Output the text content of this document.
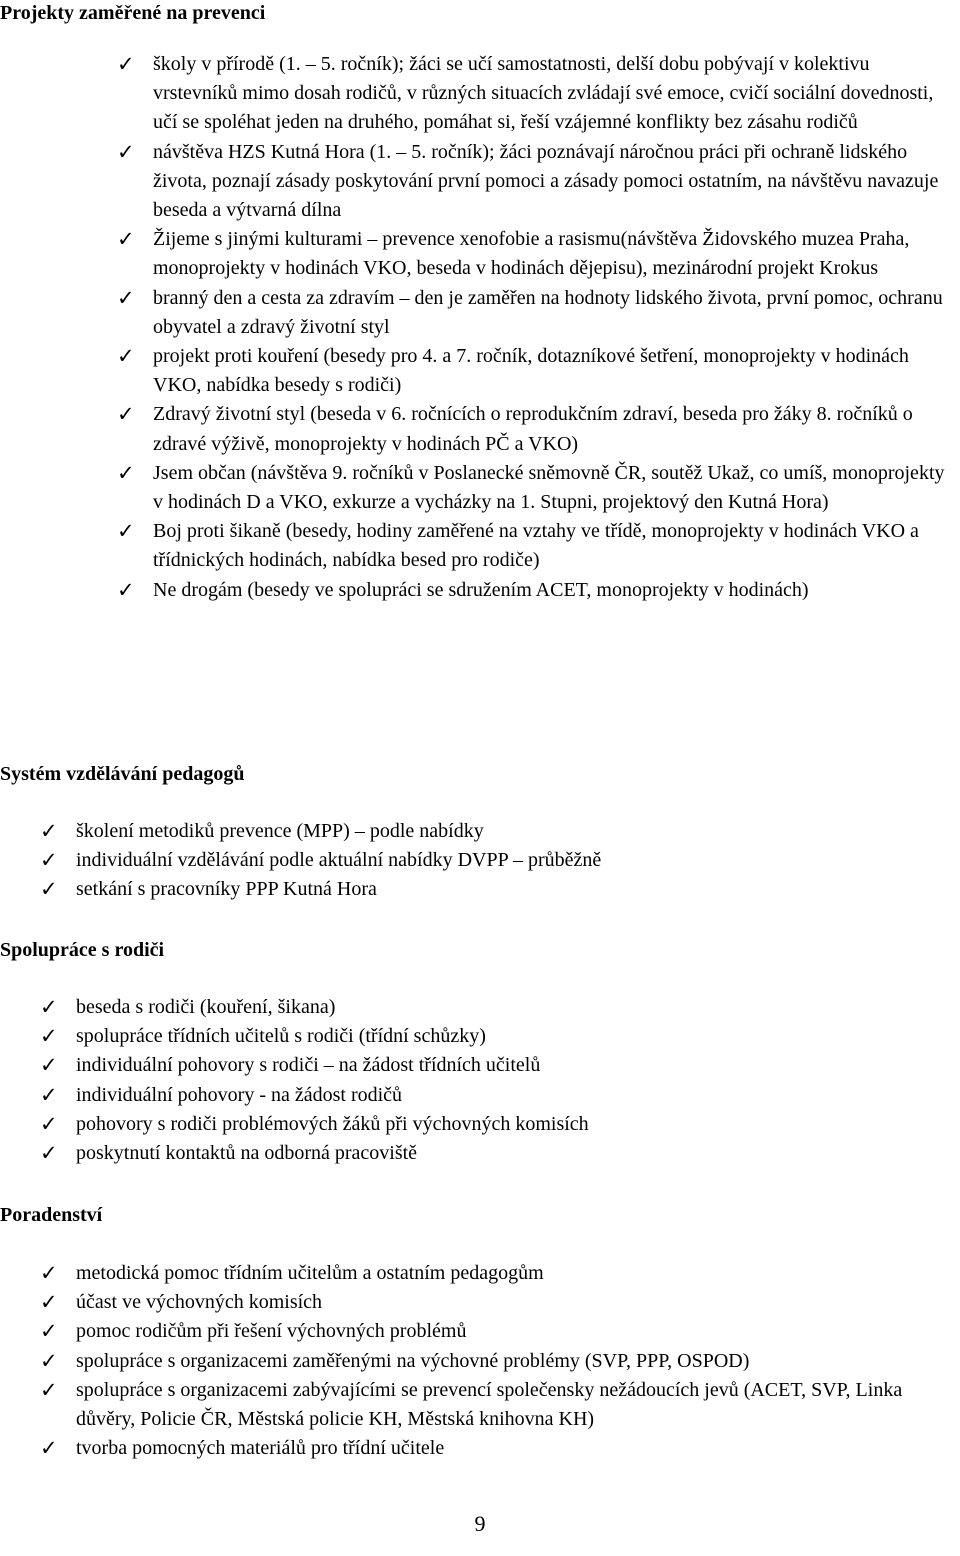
Projekty zaměřené na prevenci
✓ školy v přírodě (1. – 5. ročník); žáci se učí samostatnosti, delší dobu pobývají v kolektivu vrstevníků mimo dosah rodičů, v různých situacích zvládají své emoce, cvičí sociální dovednosti, učí se spoléhat jeden na druhého, pomáhat si, řeší vzájemné konflikty bez zásahu rodičů
✓ návštěva HZS Kutná Hora (1. – 5. ročník); žáci poznávají náročnou práci při ochraně lidského života, poznají zásady poskytování první pomoci a zásady pomoci ostatním, na návštěvu navazuje beseda a výtvarná dílna
✓ Žijeme s jinými kulturami – prevence xenofobie a rasismu(návštěva Židovského muzea Praha, monoprojekty v hodinách VKO, beseda v hodinách dějepisu), mezinárodní projekt Krokus
✓ branný den a cesta za zdravím – den je zaměřen na hodnoty lidského života, první pomoc, ochranu obyvatel a zdravý životní styl
✓ projekt proti kouření (besedy pro 4. a 7. ročník, dotazníkové šetření, monoprojekty v hodinách VKO, nabídka besedy s rodiči)
✓ Zdravý životní styl (beseda v 6. ročnících o reprodukčním zdraví, beseda pro žáky 8. ročníků o zdravé výživě, monoprojekty v hodinách PČ a VKO)
✓ Jsem občan (návštěva 9. ročníků v Poslanecké sněmovně ČR, soutěž Ukaž, co umíš, monoprojekty v hodinách D a VKO, exkurze a vycházky na 1. Stupni, projektový den Kutná Hora)
✓ Boj proti šikaně (besedy, hodiny zaměřené na vztahy ve třídě, monoprojekty v hodinách VKO a třídnických hodinách, nabídka besed pro rodiče)
✓ Ne drogám (besedy ve spolupráci se sdružením ACET, monoprojekty v hodinách)
Systém vzdělávání pedagogů
✓ školení metodiků prevence (MPP) – podle nabídky
✓ individuální vzdělávání podle aktuální nabídky DVPP – průběžně
✓ setkání s pracovníky PPP Kutná Hora
Spolupráce s rodiči
✓ beseda s rodiči (kouření, šikana)
✓ spolupráce třídních učitelů s rodiči (třídní schůzky)
✓ individuální pohovory s rodiči – na žádost třídních učitelů
✓ individuální pohovory - na žádost rodičů
✓ pohovory s rodiči problémových žáků při výchovných komisích
✓ poskytnutí kontaktů na odborná pracoviště
Poradenství
✓ metodická pomoc třídním učitelům a ostatním pedagogům
✓ účast ve výchovných komisích
✓ pomoc rodičům při řešení výchovných problémů
✓ spolupráce s organizacemi zaměřenými na výchovné problémy (SVP, PPP, OSPOD)
✓ spolupráce s organizacemi zabývajícími se prevencí společensky nežádoucích jevů (ACET, SVP, Linka důvěry, Policie ČR, Městská policie KH, Městská knihovna KH)
✓ tvorba pomocných materiálů pro třídní učitele
9
